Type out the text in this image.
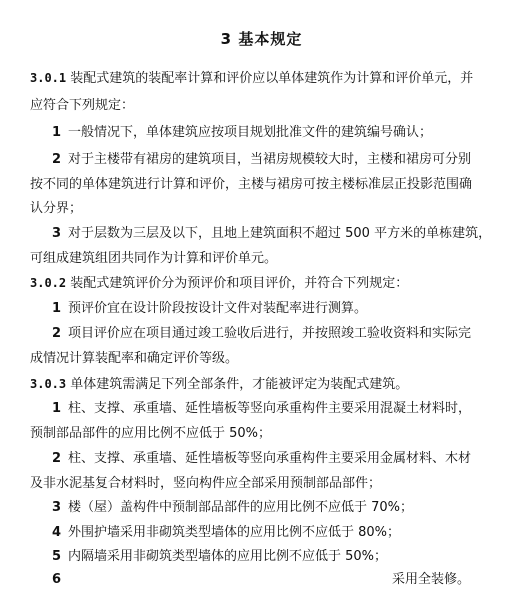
3 基本规定
3.0.1 装配式建筑的装配率计算和评价应以单体建筑作为计算和评价单元，并
应符合下列规定：
1 一般情况下，单体建筑应按项目规划批准文件的建筑编号确认；
2 对于主楼带有裙房的建筑项目，当裙房规模较大时，主楼和裙房可分别
按不同的单体建筑进行计算和评价，主楼与裙房可按主楼标准层正投影范围确
认分界；
3 对于层数为三层及以下，且地上建筑面积不超过 500 平方米的单栋建筑，
可组成建筑组团共同作为计算和评价单元。
3.0.2 装配式建筑评价分为预评价和项目评价，并符合下列规定：
1 预评价宜在设计阶段按设计文件对装配率进行测算。
2 项目评价应在项目通过竣工验收后进行，并按照竣工验收资料和实际完
成情况计算装配率和确定评价等级。
3.0.3 单体建筑需满足下列全部条件，才能被评定为装配式建筑。
1 柱、支撑、承重墙、延性墙板等竖向承重构件主要采用混凝土材料时，
预制部品部件的应用比例不应低于 50%；
2 柱、支撑、承重墙、延性墙板等竖向承重构件主要采用金属材料、木材
及非水泥基复合材料时，竖向构件应全部采用预制部品部件；
3 楼（屋）盖构件中预制部品部件的应用比例不应低于 70%；
4 外围护墙采用非砌筑类型墙体的应用比例不应低于 80%；
5 内隔墙采用非砌筑类型墙体的应用比例不应低于 50%；
6	采用全装修。
